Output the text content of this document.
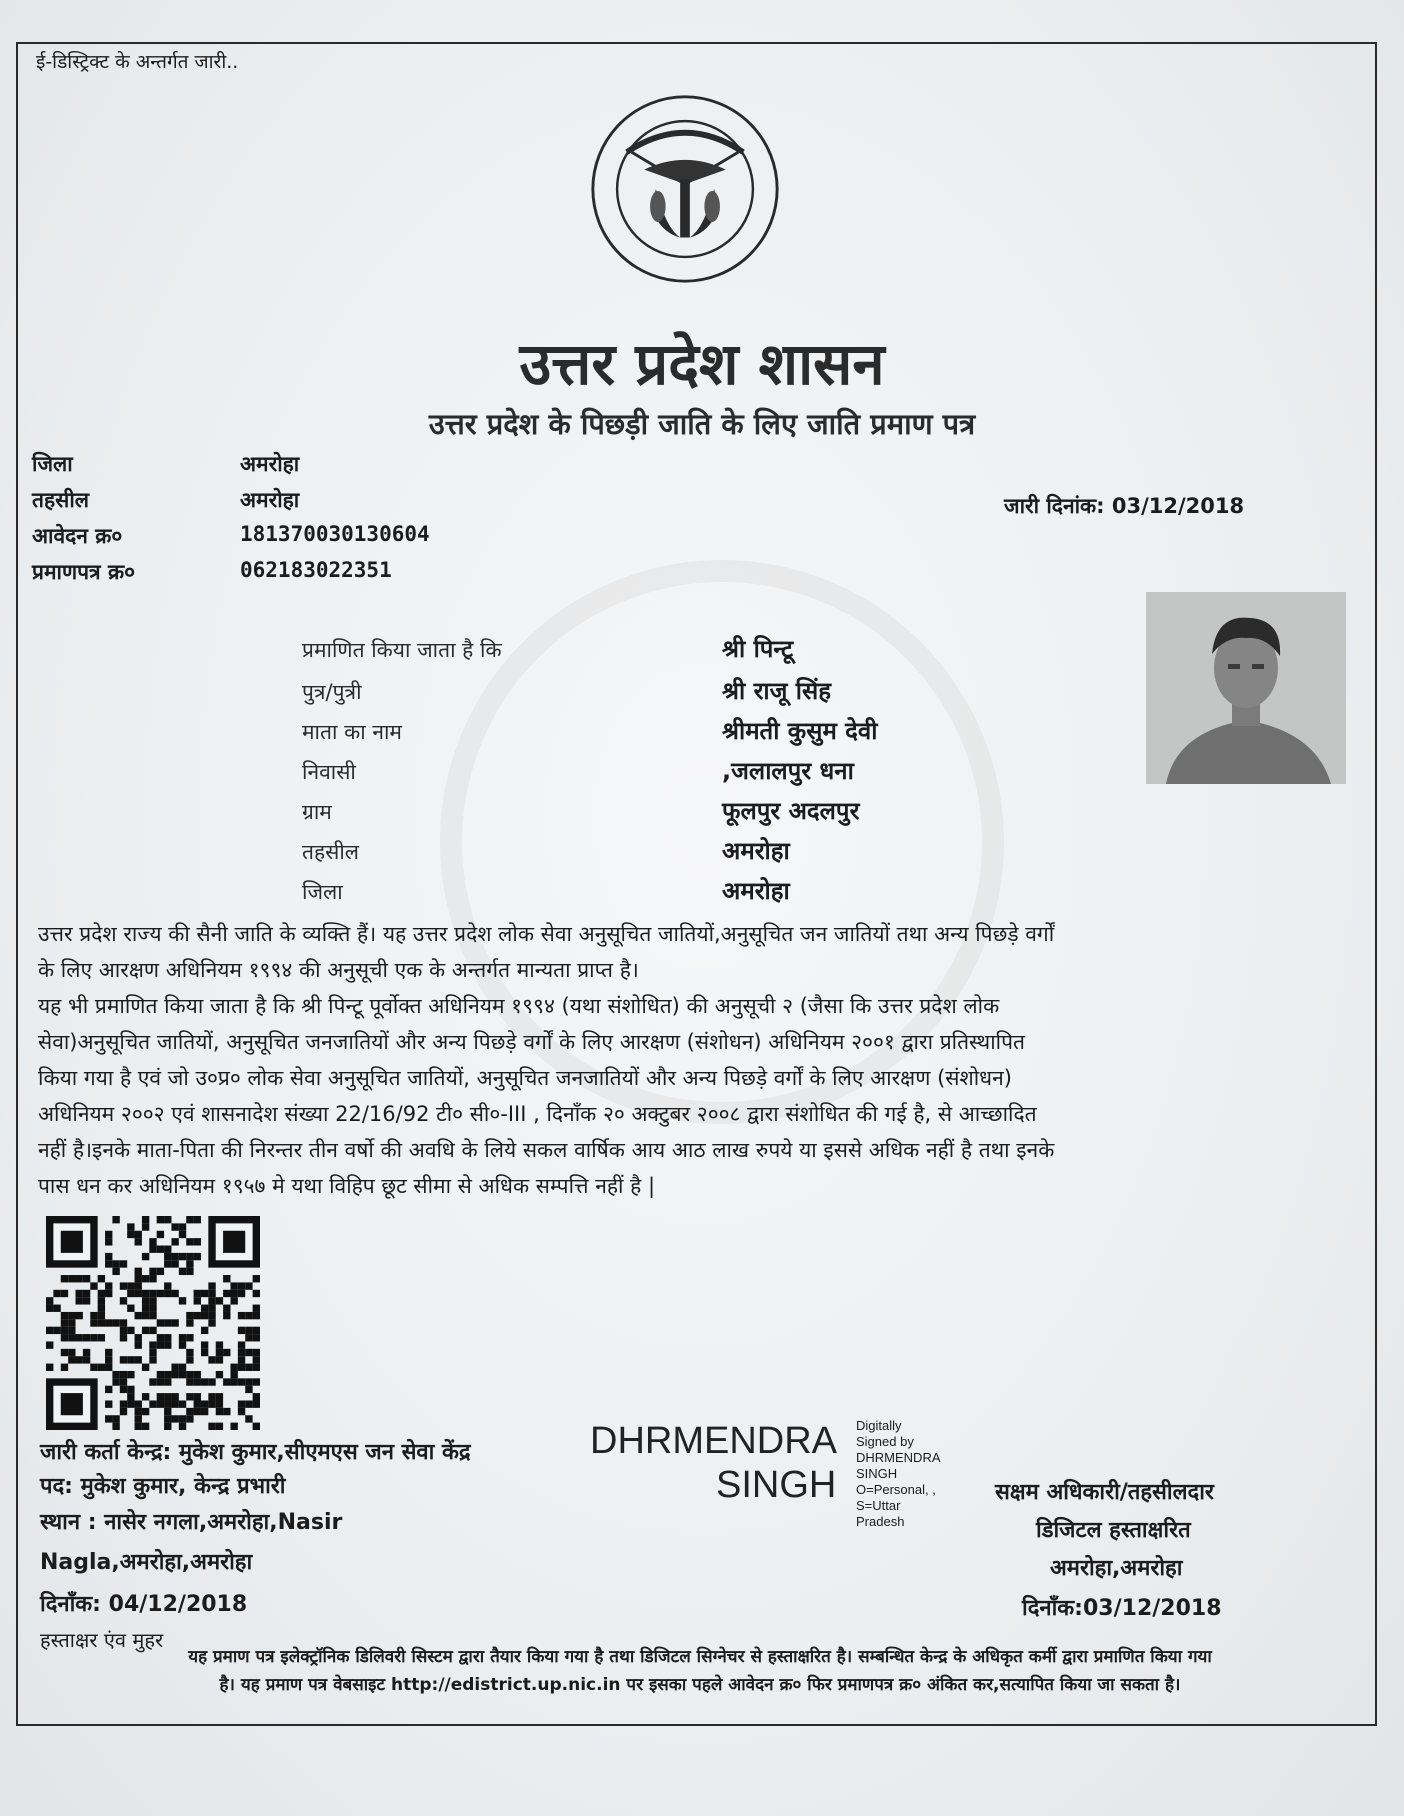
ई-डिस्ट्रिक्ट के अन्तर्गत जारी..
उत्तर प्रदेश शासन
उत्तर प्रदेश के पिछड़ी जाति के लिए जाति प्रमाण पत्र
जिला	अमरोहा
तहसील	अमरोहा
आवेदन क्र०	181370030130604
प्रमाणपत्र क्र०	062183022351
जारी दिनांक: 03/12/2018
प्रमाणित किया जाता है कि	श्री पिन्टू
पुत्र/पुत्री	श्री राजू सिंह
माता का नाम	श्रीमती कुसुम देवी
निवासी	,जलालपुर धना
ग्राम	फूलपुर अदलपुर
तहसील	अमरोहा
जिला	अमरोहा
उत्तर प्रदेश राज्य की सैनी जाति के व्यक्ति हैं। यह उत्तर प्रदेश लोक सेवा अनुसूचित जातियों,अनुसूचित जन जातियों तथा अन्य पिछड़े वर्गों
के लिए आरक्षण अधिनियम १९९४ की अनुसूची एक के अन्तर्गत मान्यता प्राप्त है।
यह भी प्रमाणित किया जाता है कि श्री पिन्टू पूर्वोक्त अधिनियम १९९४ (यथा संशोधित) की अनुसूची २ (जैसा कि उत्तर प्रदेश लोक
सेवा)अनुसूचित जातियों, अनुसूचित जनजातियों और अन्य पिछड़े वर्गों के लिए आरक्षण (संशोधन) अधिनियम २००१ द्वारा प्रतिस्थापित
किया गया है एवं जो उ०प्र० लोक सेवा अनुसूचित जातियों, अनुसूचित जनजातियों और अन्य पिछड़े वर्गों के लिए आरक्षण (संशोधन)
अधिनियम २००२ एवं शासनादेश संख्या 22/16/92 टी० सी०-III , दिनाँक २० अक्टुबर २००८ द्वारा संशोधित की गई है, से आच्छादित
नहीं है।इनके माता-पिता की निरन्तर तीन वर्षो की अवधि के लिये सकल वार्षिक आय आठ लाख रुपये या इससे अधिक नहीं है तथा इनके
पास धन कर अधिनियम १९५७ मे यथा विहिप छूट सीमा से अधिक सम्पत्ति नहीं है |
जारी कर्ता केन्द्र: मुकेश कुमार,सीएमएस जन सेवा केंद्र
पद: मुकेश कुमार, केन्द्र प्रभारी
स्थान : नासेर नगला,अमरोहा,Nasir
Nagla,अमरोहा,अमरोहा
दिनाँक: 04/12/2018
हस्ताक्षर एंव मुहर
DHRMENDRA
SINGH
Digitally
Signed by
DHRMENDRA
SINGH
O=Personal, ,
S=Uttar
Pradesh
सक्षम अधिकारी/तहसीलदार
डिजिटल हस्ताक्षरित
अमरोहा,अमरोहा
दिनाँक:03/12/2018
यह प्रमाण पत्र इलेक्ट्रॉनिक डिलिवरी सिस्टम द्वारा तैयार किया गया है तथा डिजिटल सिग्नेचर से हस्ताक्षरित है। सम्बन्धित केन्द्र के अधिकृत कर्मी द्वारा प्रमाणित किया गया
है। यह प्रमाण पत्र वेबसाइट http://edistrict.up.nic.in पर इसका पहले आवेदन क्र० फिर प्रमाणपत्र क्र० अंकित कर,सत्यापित किया जा सकता है।
